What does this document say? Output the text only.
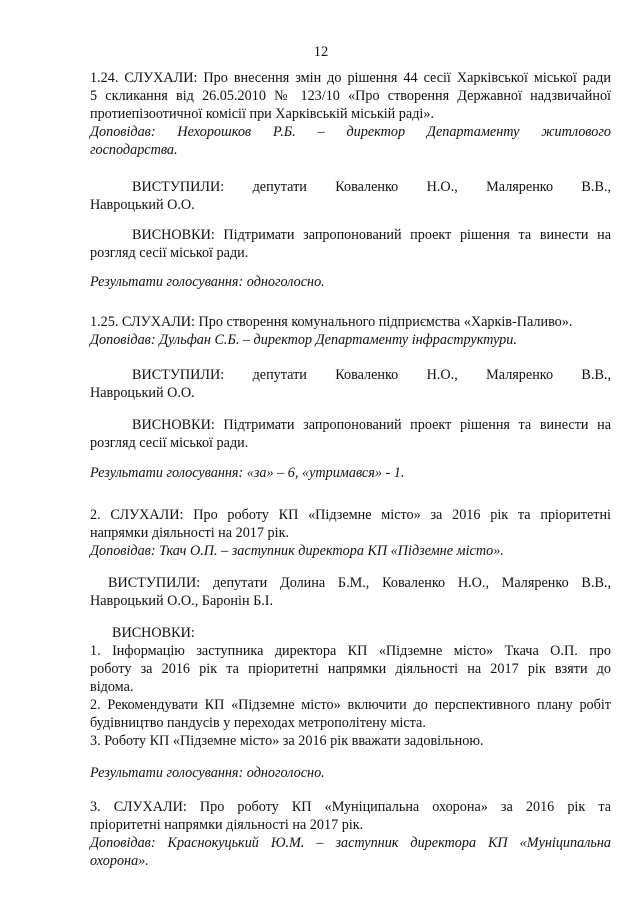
12
1.24. СЛУХАЛИ: Про внесення змін до рішення 44 сесії Харківської міської ради
5 скликання від 26.05.2010 № 123/10 «Про створення Державної надзвичайної
протиепізоотичної комісії при Харківській міській раді».
Доповідав: Нехорошков Р.Б. – директор Департаменту житлового
господарства.
ВИСТУПИЛИ: депутати Коваленко Н.О., Маляренко В.В.,
Навроцький О.О.
ВИСНОВКИ: Підтримати запропонований проект рішення та винести на
розгляд сесії міської ради.
Результати голосування: одноголосно.
1.25. СЛУХАЛИ: Про створення комунального підприємства «Харків-Паливо».
Доповідав: Дульфан С.Б. – директор Департаменту інфраструктури.
ВИСТУПИЛИ: депутати Коваленко Н.О., Маляренко В.В.,
Навроцький О.О.
ВИСНОВКИ: Підтримати запропонований проект рішення та винести на
розгляд сесії міської ради.
Результати голосування: «за» – 6, «утримався» - 1.
2. СЛУХАЛИ: Про роботу КП «Підземне місто» за 2016 рік та пріоритетні
напрямки діяльності на 2017 рік.
Доповідав: Ткач О.П. – заступник директора КП «Підземне місто».
ВИСТУПИЛИ: депутати Долина Б.М., Коваленко Н.О., Маляренко В.В.,
Навроцький О.О., Баронін Б.І.
ВИСНОВКИ:
1. Інформацію заступника директора КП «Підземне місто» Ткача О.П. про
роботу за 2016 рік та пріоритетні напрямки діяльності на 2017 рік взяти до
відома.
2. Рекомендувати КП «Підземне місто» включити до перспективного плану робіт
будівництво пандусів у переходах метрополітену міста.
3. Роботу КП «Підземне місто» за 2016 рік вважати задовільною.
Результати голосування: одноголосно.
3. СЛУХАЛИ: Про роботу КП «Муніципальна охорона» за 2016 рік та
пріоритетні напрямки діяльності на 2017 рік.
Доповідав: Краснокуцький Ю.М. – заступник директора КП «Муніципальна
охорона».
